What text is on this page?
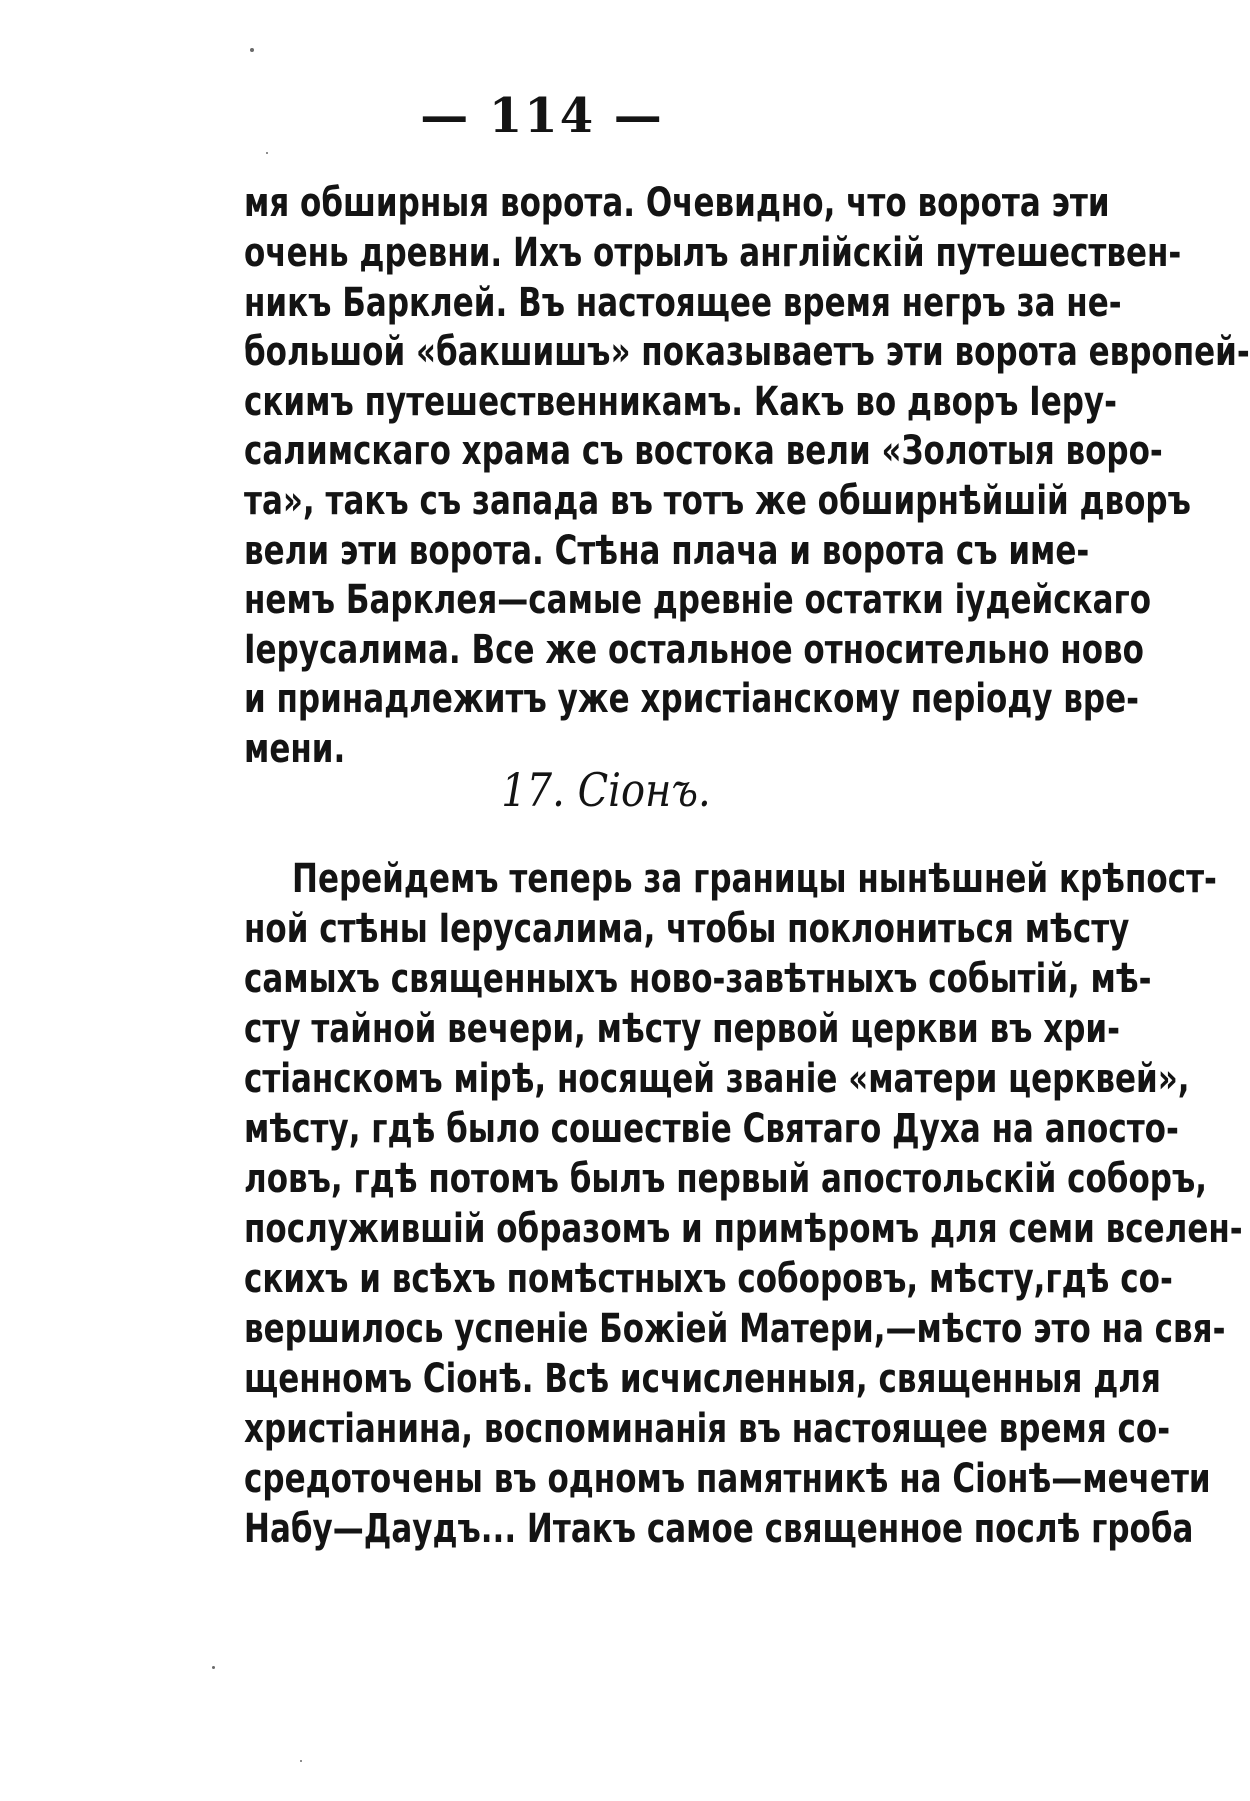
— 114 —
мя обширныя ворота. Очевидно, что ворота эти
очень древни. Ихъ отрылъ англійскій путешествен-
никъ Барклей. Въ настоящее время негръ за не-
большой «бакшишъ» показываетъ эти ворота европей-
скимъ путешественникамъ. Какъ во дворъ Іеру-
салимскаго храма съ востока вели «Золотыя воро-
та», такъ съ запада въ тотъ же обширнѣйшій дворъ
вели эти ворота. Стѣна плача и ворота съ име-
немъ Барклея—самые древніе остатки іудейскаго
Іерусалима. Все же остальное относительно ново
и принадлежитъ уже христіанскому періоду вре-
мени.
17. Сіонъ.
Перейдемъ теперь за границы нынѣшней крѣпост-
ной стѣны Іерусалима, чтобы поклониться мѣсту
самыхъ священныхъ ново-завѣтныхъ событій, мѣ-
сту тайной вечери, мѣсту первой церкви въ хри-
стіанскомъ мірѣ, носящей званіе «матери церквей»,
мѣсту, гдѣ было сошествіе Святаго Духа на апосто-
ловъ, гдѣ потомъ былъ первый апостольскій соборъ,
послужившій образомъ и примѣромъ для семи вселен-
скихъ и всѣхъ помѣстныхъ соборовъ, мѣсту,гдѣ со-
вершилось успеніе Божіей Матери,—мѣсто это на свя-
щенномъ Сіонѣ. Всѣ исчисленныя, священныя для
христіанина, воспоминанія въ настоящее время со-
средоточены въ одномъ памятникѣ на Сіонѣ—мечети
Набу—Даудъ... Итакъ самое священное послѣ гроба
